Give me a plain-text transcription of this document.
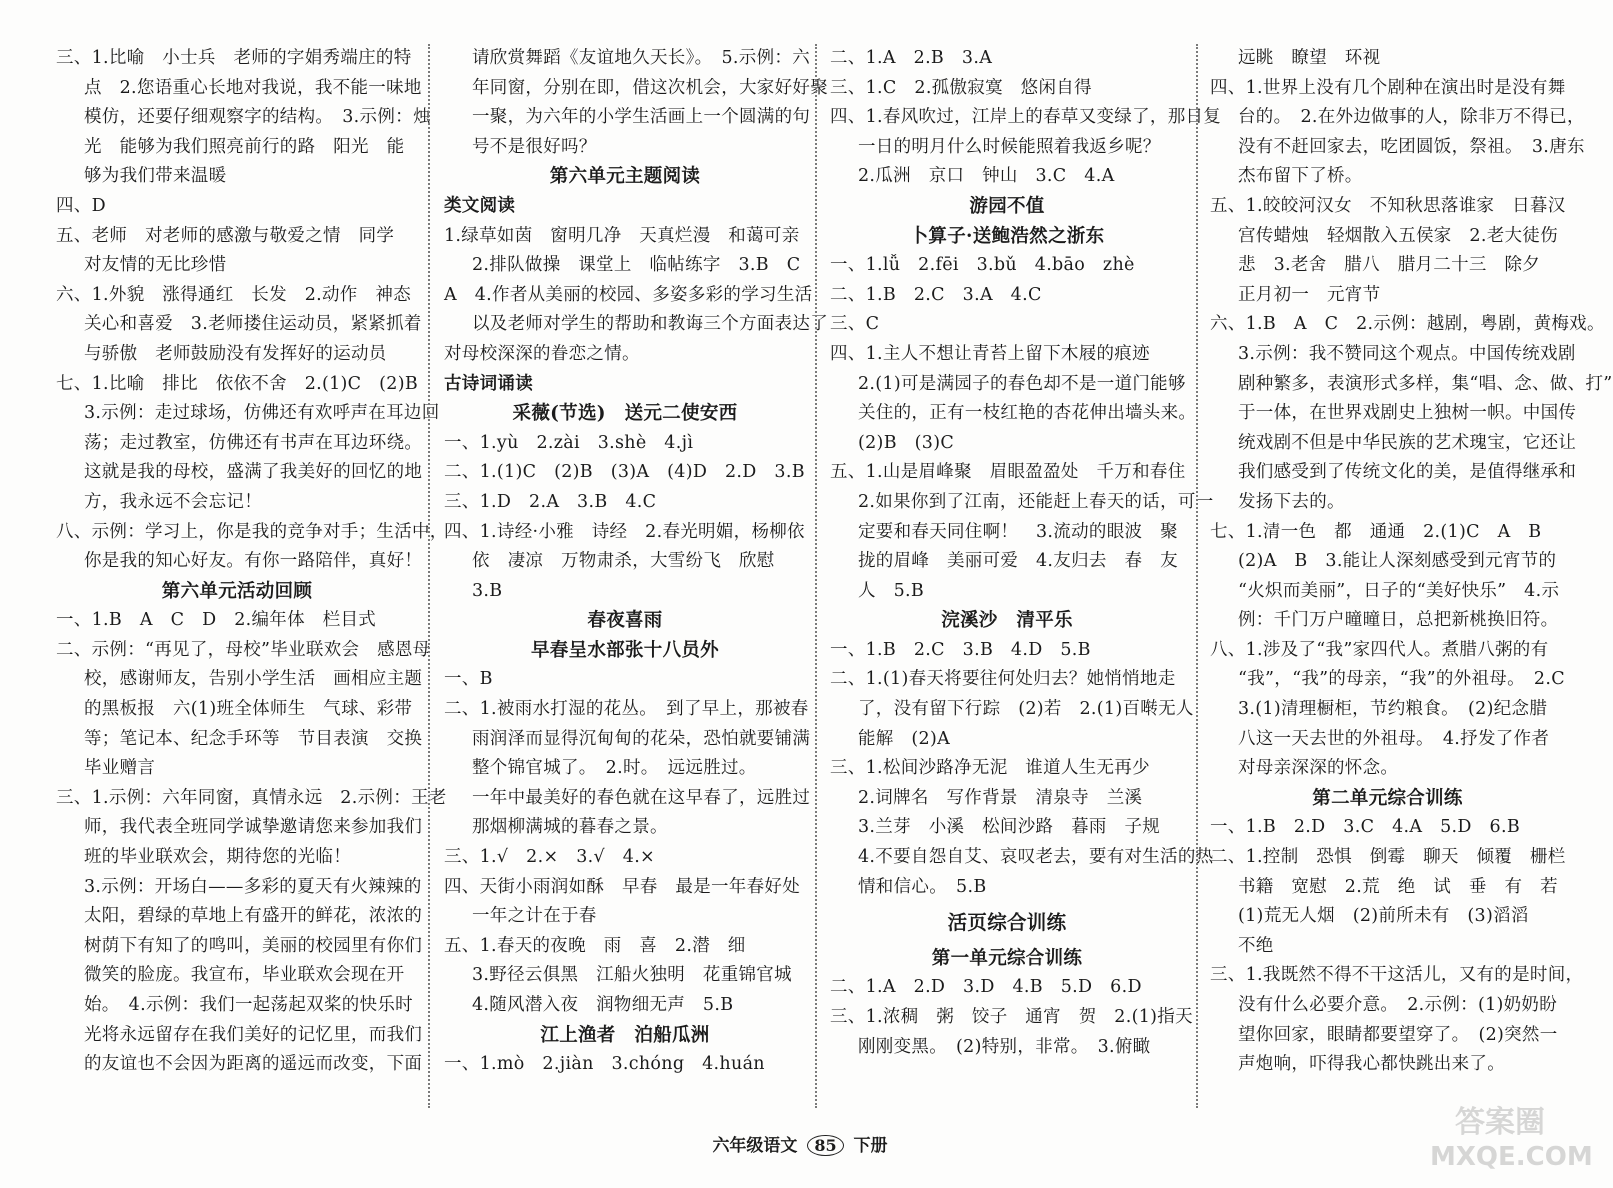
三、1.比喻　小士兵　老师的字娟秀端庄的特
点　2.您语重心长地对我说，我不能一味地
模仿，还要仔细观察字的结构。　3.示例：烛
光　能够为我们照亮前行的路　阳光　能
够为我们带来温暖
四、D
五、老师　对老师的感激与敬爱之情　同学
对友情的无比珍惜
六、1.外貌　涨得通红　长发　2.动作　神态
关心和喜爱　3.老师搂住运动员，紧紧抓着
与骄傲　老师鼓励没有发挥好的运动员
七、1.比喻　排比　依依不舍　2.(1)C　(2)B
3.示例：走过球场，仿佛还有欢呼声在耳边回
荡；走过教室，仿佛还有书声在耳边环绕。
这就是我的母校，盛满了我美好的回忆的地
方，我永远不会忘记！
八、示例：学习上，你是我的竞争对手；生活中，
你是我的知心好友。有你一路陪伴，真好！
第六单元活动回顾
一、1.B　A　C　D　2.编年体　栏目式
二、示例：“再见了，母校”毕业联欢会　感恩母
校，感谢师友，告别小学生活　画相应主题
的黑板报　六(1)班全体师生　气球、彩带
等；笔记本、纪念手环等　节目表演　交换
毕业赠言
三、1.示例：六年同窗，真情永远　2.示例：王老
师，我代表全班同学诚挚邀请您来参加我们
班的毕业联欢会，期待您的光临！
3.示例：开场白——多彩的夏天有火辣辣的
太阳，碧绿的草地上有盛开的鲜花，浓浓的
树荫下有知了的鸣叫，美丽的校园里有你们
微笑的脸庞。我宣布，毕业联欢会现在开
始。　4.示例：我们一起荡起双桨的快乐时
光将永远留存在我们美好的记忆里，而我们
的友谊也不会因为距离的遥远而改变，下面
请欣赏舞蹈《友谊地久天长》。　5.示例：六
年同窗，分别在即，借这次机会，大家好好聚
一聚，为六年的小学生活画上一个圆满的句
号不是很好吗？
第六单元主题阅读
类文阅读
1.绿草如茵　窗明几净　天真烂漫　和蔼可亲
2.排队做操　课堂上　临帖练字　3.B　C
A　4.作者从美丽的校园、多姿多彩的学习生活
以及老师对学生的帮助和教诲三个方面表达了
对母校深深的眷恋之情。
古诗词诵读
采薇(节选)　送元二使安西
一、1.yù　2.zài　3.shè　4.jì
二、1.(1)C　(2)B　(3)A　(4)D　2.D　3.B
三、1.D　2.A　3.B　4.C
四、1.诗经·小雅　诗经　2.春光明媚，杨柳依
依　凄凉　万物肃杀，大雪纷飞　欣慰
3.B
春夜喜雨
早春呈水部张十八员外
一、B
二、1.被雨水打湿的花丛。　到了早上，那被春
雨润泽而显得沉甸甸的花朵，恐怕就要铺满
整个锦官城了。　2.时。　远远胜过。
一年中最美好的春色就在这早春了，远胜过
那烟柳满城的暮春之景。
三、1.√　2.×　3.√　4.×
四、天街小雨润如酥　早春　最是一年春好处
一年之计在于春
五、1.春天的夜晚　雨　喜　2.潜　细
3.野径云俱黑　江船火独明　花重锦官城
4.随风潜入夜　润物细无声　5.B
江上渔者　泊船瓜洲
一、1.mò　2.jiàn　3.chóng　4.huán
二、1.A　2.B　3.A
三、1.C　2.孤傲寂寞　悠闲自得
四、1.春风吹过，江岸上的春草又变绿了，那日复
一日的明月什么时候能照着我返乡呢？
2.瓜洲　京口　钟山　3.C　4.A
游园不值
卜算子·送鲍浩然之浙东
一、1.lǚ　2.fēi　3.bǔ　4.bāo　zhè
二、1.B　2.C　3.A　4.C
三、C
四、1.主人不想让青苔上留下木屐的痕迹
2.(1)可是满园子的春色却不是一道门能够
关住的，正有一枝红艳的杏花伸出墙头来。
(2)B　(3)C
五、1.山是眉峰聚　眉眼盈盈处　千万和春住
2.如果你到了江南，还能赶上春天的话，可一
定要和春天同住啊！　3.流动的眼波　聚
拢的眉峰　美丽可爱　4.友归去　春　友
人　5.B
浣溪沙　清平乐
一、1.B　2.C　3.B　4.D　5.B
二、1.(1)春天将要往何处归去？她悄悄地走
了，没有留下行踪　(2)若　2.(1)百啭无人
能解　(2)A
三、1.松间沙路净无泥　谁道人生无再少
2.词牌名　写作背景　清泉寺　兰溪
3.兰芽　小溪　松间沙路　暮雨　子规
4.不要自怨自艾、哀叹老去，要有对生活的热
情和信心。　5.B
活页综合训练
第一单元综合训练
二、1.A　2.D　3.D　4.B　5.D　6.D
三、1.浓稠　粥　饺子　通宵　贺　2.(1)指天
刚刚变黑。　(2)特别，非常。　3.俯瞰
远眺　瞭望　环视
四、1.世界上没有几个剧种在演出时是没有舞
台的。　2.在外边做事的人，除非万不得已，
没有不赶回家去，吃团圆饭，祭祖。　3.唐东
杰布留下了桥。
五、1.皎皎河汉女　不知秋思落谁家　日暮汉
宫传蜡烛　轻烟散入五侯家　2.老大徒伤
悲　3.老舍　腊八　腊月二十三　除夕
正月初一　元宵节
六、1.B　A　C　2.示例：越剧，粤剧，黄梅戏。
3.示例：我不赞同这个观点。中国传统戏剧
剧种繁多，表演形式多样，集“唱、念、做、打”
于一体，在世界戏剧史上独树一帜。中国传
统戏剧不但是中华民族的艺术瑰宝，它还让
我们感受到了传统文化的美，是值得继承和
发扬下去的。
七、1.清一色　都　通通　2.(1)C　A　B
(2)A　B　3.能让人深刻感受到元宵节的
“火炽而美丽”，日子的“美好快乐”　4.示
例：千门万户曈曈日，总把新桃换旧符。
八、1.涉及了“我”家四代人。煮腊八粥的有
“我”，“我”的母亲，“我”的外祖母。　2.C
3.(1)清理橱柜，节约粮食。　(2)纪念腊
八这一天去世的外祖母。　4.抒发了作者
对母亲深深的怀念。
第二单元综合训练
一、1.B　2.D　3.C　4.A　5.D　6.B
二、1.控制　恐惧　倒霉　聊天　倾覆　栅栏
书籍　宽慰　2.荒　绝　试　垂　有　若
(1)荒无人烟　(2)前所未有　(3)滔滔
不绝
三、1.我既然不得不干这活儿，又有的是时间，
没有什么必要介意。　2.示例：(1)奶奶盼
望你回家，眼睛都要望穿了。　(2)突然一
声炮响，吓得我心都快跳出来了。
六年级语文 85 下册
答案圈
MXQE.COM
